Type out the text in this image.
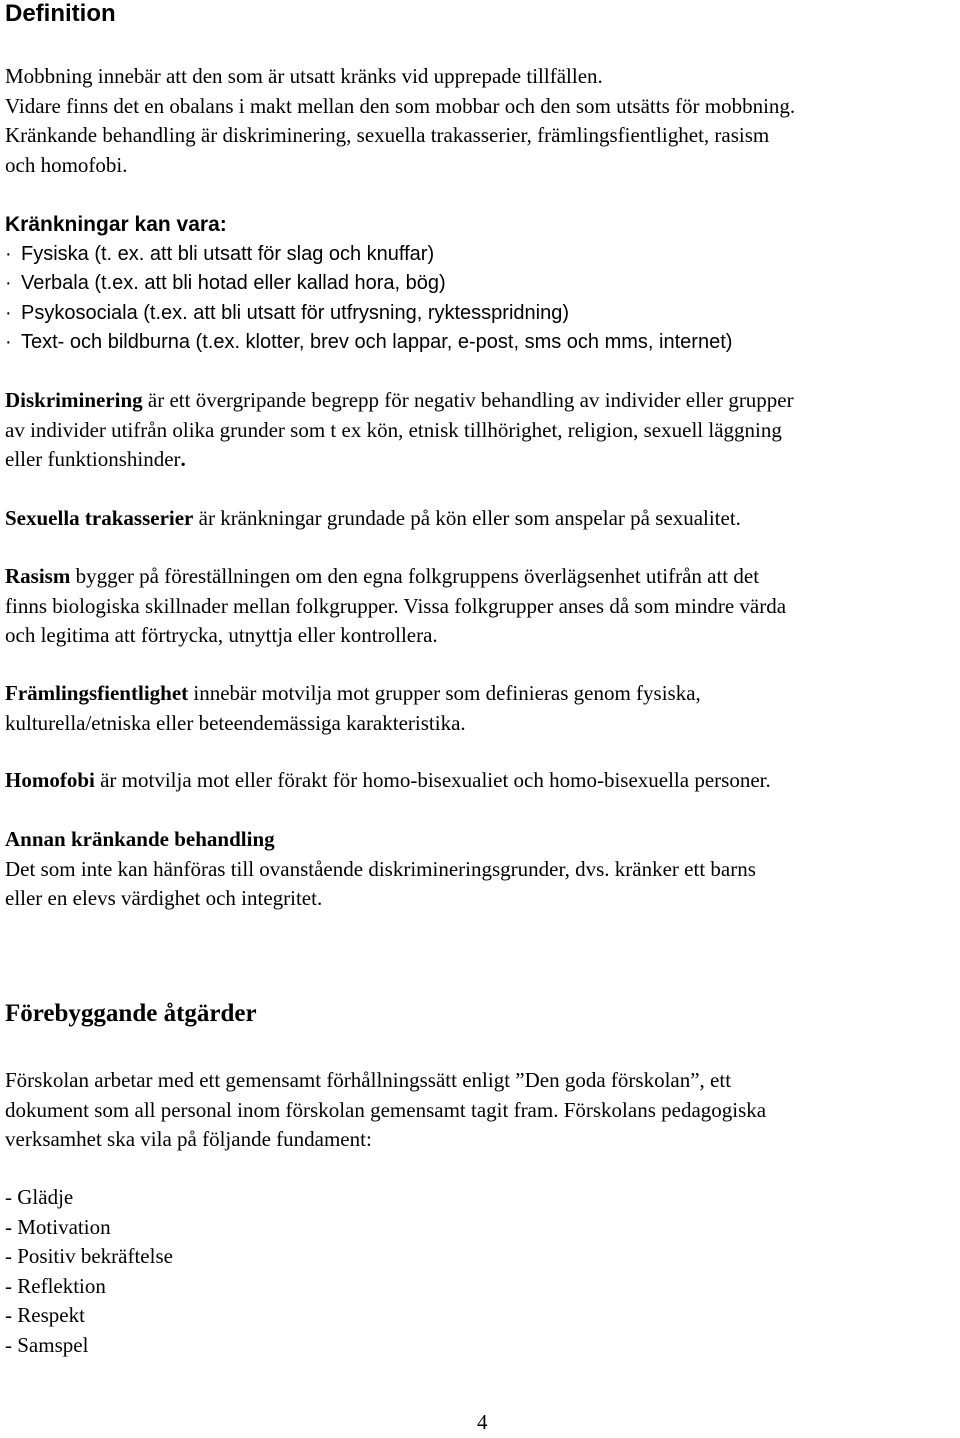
Definition

Mobbning innebär att den som är utsatt kränks vid upprepade tillfällen.

Vidare finns det en obalans i makt mellan den som mobbar och den som utsätts för mobbning.

Kränkande behandling är diskriminering, sexuella trakasserier, främlingsfientlighet, rasism

och homofobi.

Kränkningar kan vara:

· Fysiska (t. ex. att bli utsatt för slag och knuffar)
· Verbala (t.ex. att bli hotad eller kallad hora, bög)
· Psykosociala (t.ex. att bli utsatt för utfrysning, ryktesspridning)
· Text- och bildburna (t.ex. klotter, brev och lappar, e-post, sms och mms, internet)

Diskriminering är ett övergripande begrepp för negativ behandling av individer eller grupper

av individer utifrån olika grunder som t ex kön, etnisk tillhörighet, religion, sexuell läggning

eller funktionshinder.

Sexuella trakasserier är kränkningar grundade på kön eller som anspelar på sexualitet.

Rasism bygger på föreställningen om den egna folkgruppens överlägsenhet utifrån att det

finns biologiska skillnader mellan folkgrupper. Vissa folkgrupper anses då som mindre värda

och legitima att förtrycka, utnyttja eller kontrollera.

Främlingsfientlighet innebär motvilja mot grupper som definieras genom fysiska,

kulturella/etniska eller beteendemässiga karakteristika.

Homofobi är motvilja mot eller förakt för homo-bisexualiet och homo-bisexuella personer.

Annan kränkande behandling

Det som inte kan hänföras till ovanstående diskrimineringsgrunder, dvs. kränker ett barns

eller en elevs värdighet och integritet.

Förebyggande åtgärder

Förskolan arbetar med ett gemensamt förhållningssätt enligt ”Den goda förskolan”, ett

dokument som all personal inom förskolan gemensamt tagit fram. Förskolans pedagogiska

verksamhet ska vila på följande fundament:

- Glädje
- Motivation
- Positiv bekräftelse
- Reflektion
- Respekt
- Samspel
4
